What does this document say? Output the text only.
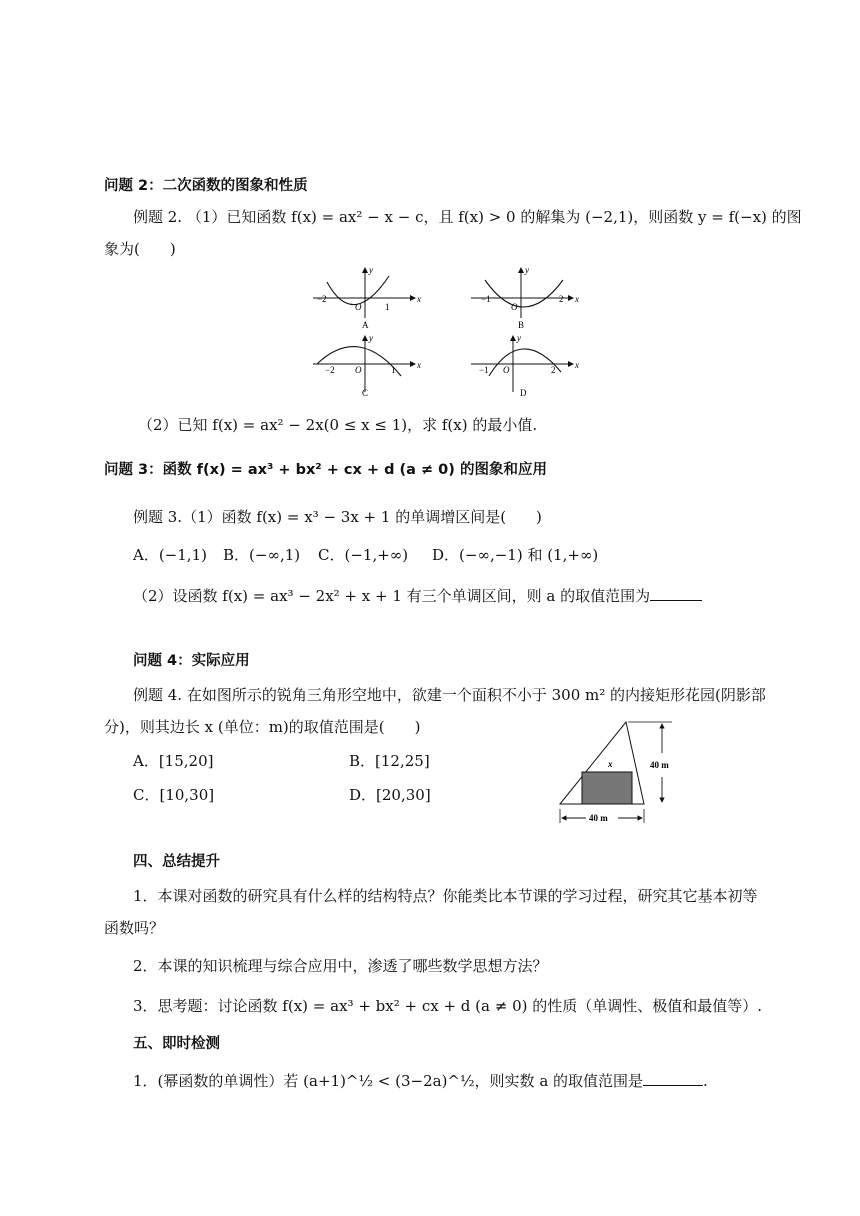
问题 2：二次函数的图象和性质
例题 2. （1）已知函数 f(x) = ax² − x − c，且 f(x) > 0 的解集为 (−2,1)，则函数 y = f(−x) 的图
象为(　　)
−2
O	1
y
x
A
−1
O
2
y
x
B
−2 O	1
y
x
C
−1 O	2
y
x
D
（2）已知 f(x) = ax² − 2x(0 ≤ x ≤ 1)，求 f(x) 的最小值.
问题 3：函数 f(x) = ax³ + bx² + cx + d (a ≠ 0) 的图象和应用
例题 3.（1）函数 f(x) = x³ − 3x + 1 的单调增区间是(　　)
A．(−1,1) B．(−∞,1) C．(−1,+∞) D．(−∞,−1) 和 (1,+∞)
（2）设函数 f(x) = ax³ − 2x² + x + 1 有三个单调区间，则 a 的取值范围为
问题 4：实际应用
例题 4. 在如图所示的锐角三角形空地中，欲建一个面积不小于 300 m² 的内接矩形花园(阴影部
分)，则其边长 x (单位：m)的取值范围是(　　)
A．[15,20]	B．[12,25]
C．[10,30]	D．[20,30]
x	40 m
40 m
四、总结提升
1．本课对函数的研究具有什么样的结构特点？你能类比本节课的学习过程，研究其它基本初等
函数吗？
2．本课的知识梳理与综合应用中，渗透了哪些数学思想方法？
3．思考题：讨论函数 f(x) = ax³ + bx² + cx + d (a ≠ 0) 的性质（单调性、极值和最值等）.
五、即时检测
1．(幂函数的单调性）若 (a+1)^½ < (3−2a)^½，则实数 a 的取值范围是	.
